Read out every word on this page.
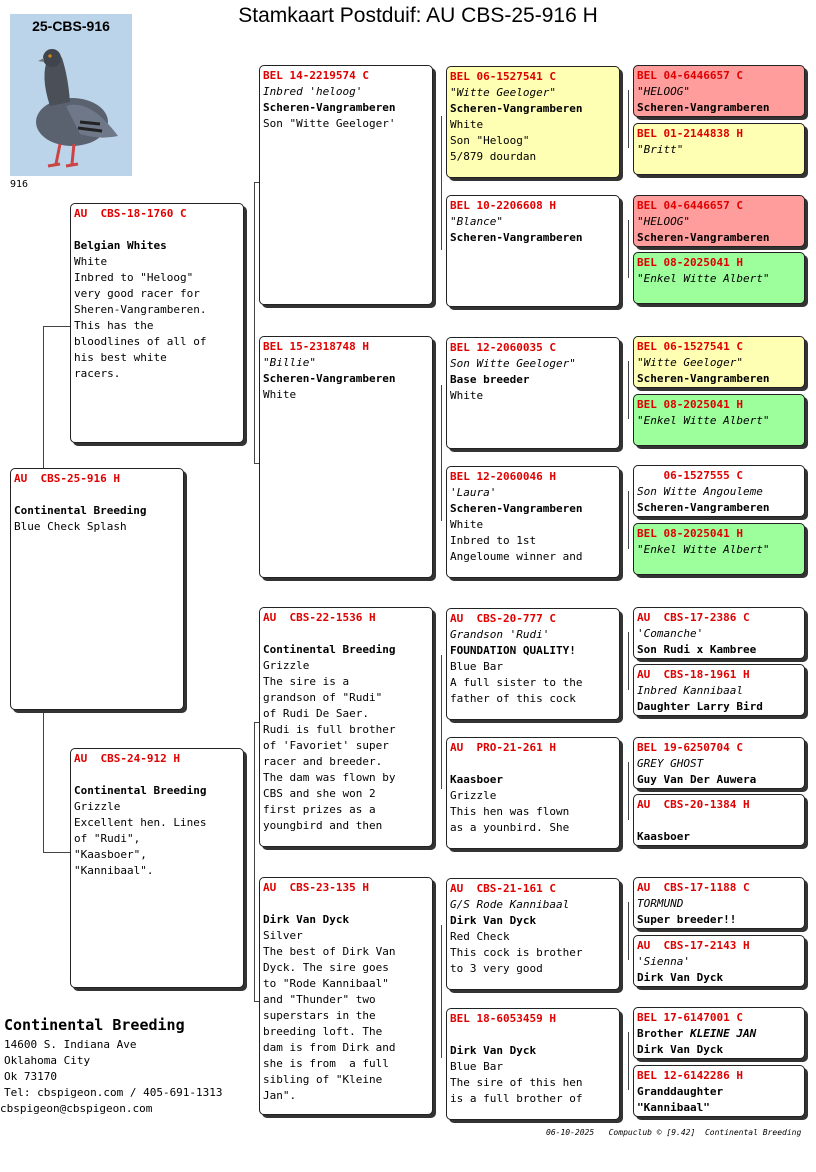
Stamkaart Postduif: AU CBS-25-916 H
25-CBS-916
916
AU  CBS-25-916 H
Continental Breeding
Blue Check Splash
AU  CBS-18-1760 C
Belgian Whites
White
Inbred to "Heloog"
very good racer for
Sheren-Vangramberen.
This has the
bloodlines of all of
his best white
racers.
AU  CBS-24-912 H
Continental Breeding
Grizzle
Excellent hen. Lines
of "Rudi",
"Kaasboer",
"Kannibaal".
BEL 14-2219574 C
Inbred 'heloog'
Scheren-Vangramberen
Son "Witte Geeloger'
BEL 15-2318748 H
"Billie"
Scheren-Vangramberen
White
AU  CBS-22-1536 H
Continental Breeding
Grizzle
The sire is a
grandson of "Rudi"
of Rudi De Saer.
Rudi is full brother
of 'Favoriet' super
racer and breeder.
The dam was flown by
CBS and she won 2
first prizes as a
youngbird and then
AU  CBS-23-135 H
Dirk Van Dyck
Silver
The best of Dirk Van
Dyck. The sire goes
to "Rode Kannibaal"
and "Thunder" two
superstars in the
breeding loft. The
dam is from Dirk and
she is from  a full
sibling of "Kleine
Jan".
BEL 06-1527541 C
"Witte Geeloger"
Scheren-Vangramberen
White
Son "Heloog"
5/879 dourdan
BEL 10-2206608 H
"Blance"
Scheren-Vangramberen
BEL 12-2060035 C
Son Witte Geeloger"
Base breeder
White
BEL 12-2060046 H
'Laura'
Scheren-Vangramberen
White
Inbred to 1st
Angeloume winner and
AU  CBS-20-777 C
Grandson 'Rudi'
FOUNDATION QUALITY!
Blue Bar
A full sister to the
father of this cock
AU  PRO-21-261 H
Kaasboer
Grizzle
This hen was flown
as a younbird. She
AU  CBS-21-161 C
G/S Rode Kannibaal
Dirk Van Dyck
Red Check
This cock is brother
to 3 very good
BEL 18-6053459 H
Dirk Van Dyck
Blue Bar
The sire of this hen
is a full brother of
BEL 04-6446657 C
"HELOOG"
Scheren-Vangramberen
BEL 01-2144838 H
"Britt"
BEL 04-6446657 C
"HELOOG"
Scheren-Vangramberen
BEL 08-2025041 H
"Enkel Witte Albert"
BEL 06-1527541 C
"Witte Geeloger"
Scheren-Vangramberen
BEL 08-2025041 H
"Enkel Witte Albert"
06-1527555 C
Son Witte Angouleme
Scheren-Vangramberen
BEL 08-2025041 H
"Enkel Witte Albert"
AU  CBS-17-2386 C
'Comanche'
Son Rudi x Kambree
AU  CBS-18-1961 H
Inbred Kannibaal
Daughter Larry Bird
BEL 19-6250704 C
GREY GHOST
Guy Van Der Auwera
AU  CBS-20-1384 H
Kaasboer
AU  CBS-17-1188 C
TORMUND
Super breeder!!
AU  CBS-17-2143 H
'Sienna'
Dirk Van Dyck
BEL 17-6147001 C
Brother KLEINE JAN
Dirk Van Dyck
BEL 12-6142286 H
Granddaughter
"Kannibaal"
Continental Breeding
14600 S. Indiana Ave
Oklahoma City
Ok 73170
Tel: cbspigeon.com / 405-691-1313
cbspigeon@cbspigeon.com
06-10-2025   Compuclub © [9.42]  Continental Breeding
